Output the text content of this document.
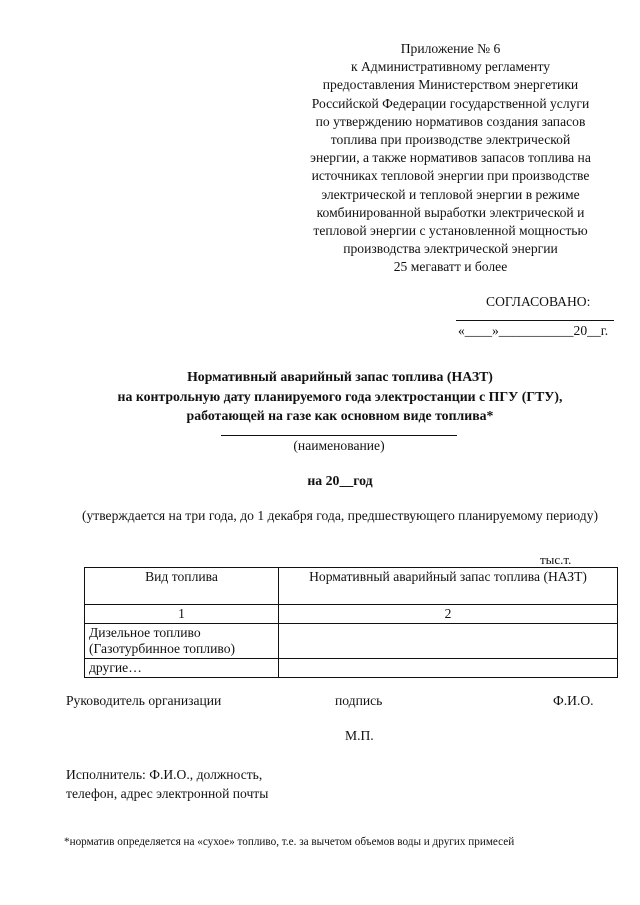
Приложение № 6
к Административному регламенту
предоставления Министерством энергетики
Российской Федерации государственной услуги
по утверждению нормативов создания запасов
топлива при производстве электрической
энергии, а также нормативов запасов топлива на
источниках тепловой энергии при производстве
электрической и тепловой энергии в режиме
комбинированной выработки электрической и
тепловой энергии с установленной мощностью
производства электрической энергии
25 мегаватт и более
СОГЛАСОВАНО:
«____»___________20__г.
Нормативный аварийный запас топлива (НАЗТ)
на контрольную дату планируемого года электростанции с ПГУ (ГТУ),
работающей на газе как основном виде топлива*
(наименование)
на 20__год
(утверждается на три года, до 1 декабря года, предшествующего планируемому периоду)
тыс.т.
Вид топлива	Нормативный аварийный запас топлива (НАЗТ)
1	2
Дизельное топливо (Газотурбинное топливо)	
другие…	
Руководитель организации	подпись	Ф.И.О.
М.П.
Исполнитель: Ф.И.О., должность,
телефон, адрес электронной почты
*норматив определяется на «сухое» топливо, т.е. за вычетом объемов воды и других примесей
